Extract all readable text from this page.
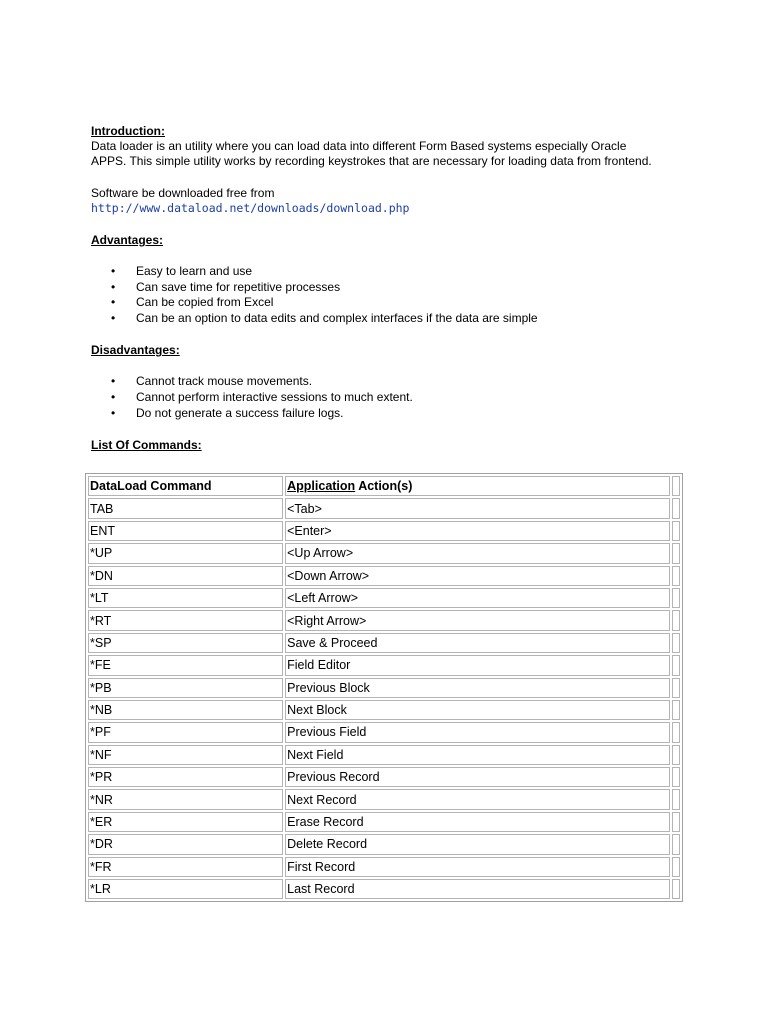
Introduction:

Data loader is an utility where you can load data into different Form Based systems especially Oracle

APPS. This simple utility works by recording keystrokes that are necessary for loading data from frontend.

Software be downloaded free from

http://www.dataload.net/downloads/download.php

Advantages:

• Easy to learn and use
• Can save time for repetitive processes
• Can be copied from Excel
• Can be an option to data edits and complex interfaces if the data are simple

Disadvantages:

• Cannot track mouse movements.
• Cannot perform interactive sessions to much extent.
• Do not generate a success failure logs.

List Of Commands:

DataLoad Command	Application Action(s)	
TAB	<Tab>	
ENT	<Enter>	
*UP	<Up Arrow>	
*DN	<Down Arrow>	
*LT	<Left Arrow>	
*RT	<Right Arrow>	
*SP	Save & Proceed	
*FE	Field Editor	
*PB	Previous Block	
*NB	Next Block	
*PF	Previous Field	
*NF	Next Field	
*PR	Previous Record	
*NR	Next Record	
*ER	Erase Record	
*DR	Delete Record	
*FR	First Record	
*LR	Last Record	
